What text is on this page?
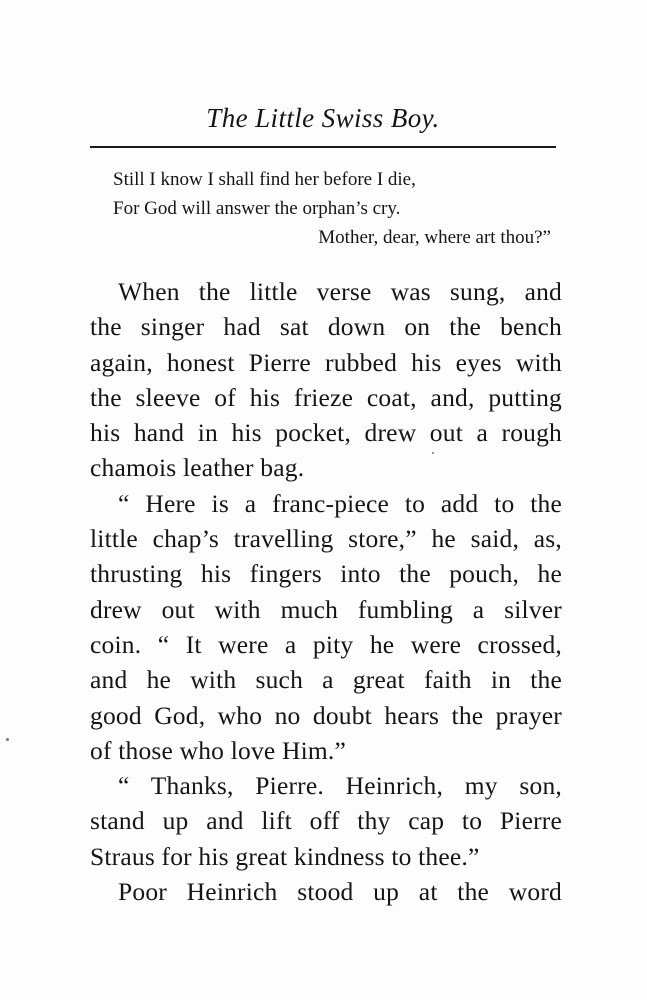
The Little Swiss Boy.
Still I know I shall find her before I die,
For God will answer the orphan’s cry.
Mother, dear, where art thou?”
When the little verse was sung, and
the singer had sat down on the bench
again, honest Pierre rubbed his eyes with
the sleeve of his frieze coat, and, putting
his hand in his pocket, drew out a rough
chamois leather bag.
“ Here is a franc-piece to add to the
little chap’s travelling store,” he said, as,
thrusting his fingers into the pouch, he
drew out with much fumbling a silver
coin. “ It were a pity he were crossed,
and he with such a great faith in the
good God, who no doubt hears the prayer
of those who love Him.”
“ Thanks, Pierre. Heinrich, my son,
stand up and lift off thy cap to Pierre
Straus for his great kindness to thee.”
Poor Heinrich stood up at the word
